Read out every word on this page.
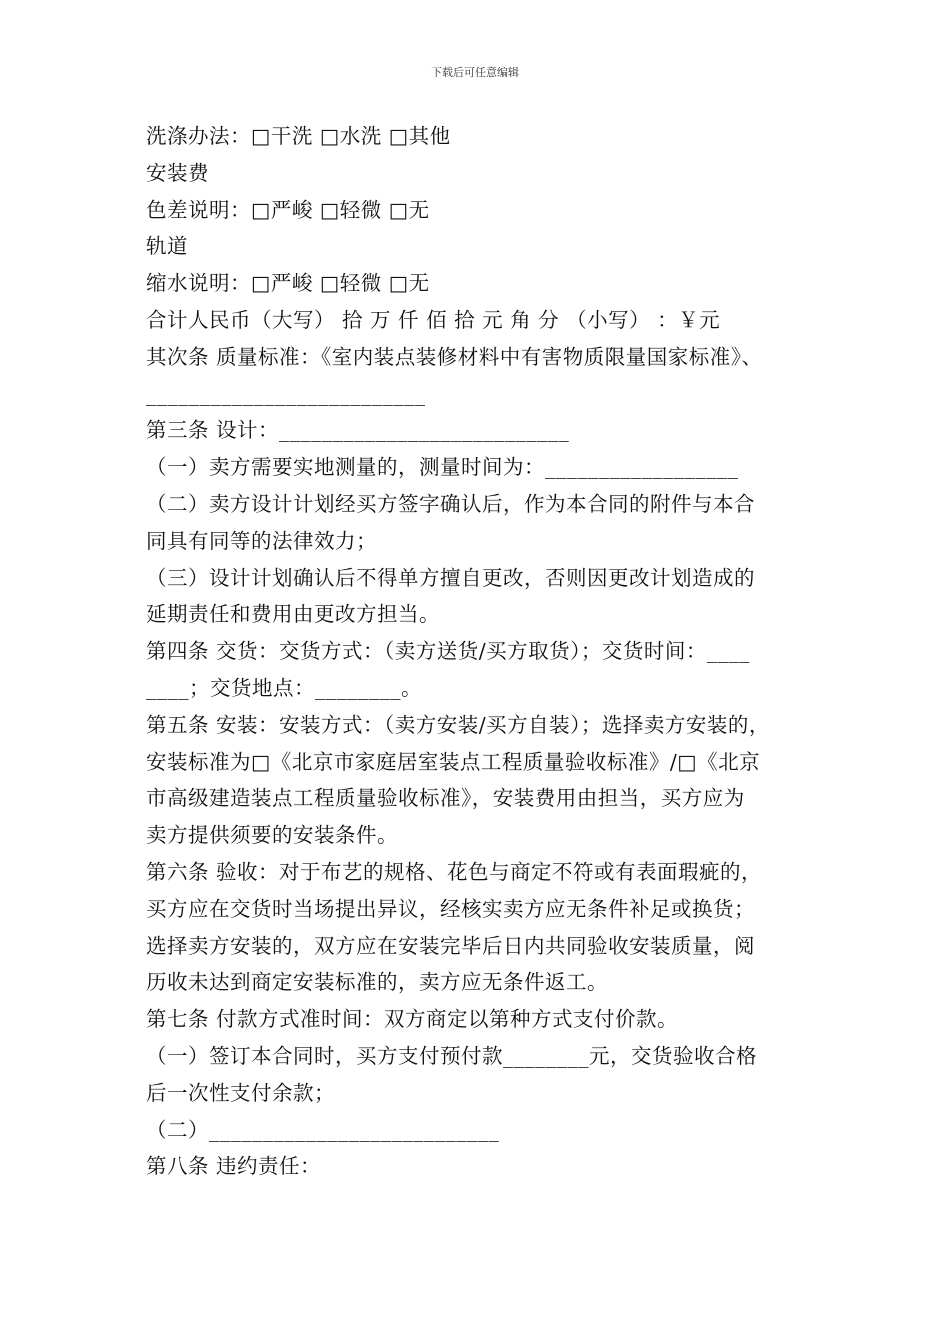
下载后可任意编辑
洗涤办法：□干洗 □水洗 □其他
安装费
色差说明：□严峻 □轻微 □无
轨道
缩水说明：□严峻 □轻微 □无
合计人民币（大写） 拾 万 仟 佰 拾 元 角 分 （小写） ：￥元
其次条 质量标准：《室内装点装修材料中有害物质限量国家标准》、
__________________________
第三条 设计：___________________________
（一）卖方需要实地测量的，测量时间为：__________________
（二）卖方设计计划经买方签字确认后，作为本合同的附件与本合
同具有同等的法律效力；
（三）设计计划确认后不得单方擅自更改，否则因更改计划造成的
延期责任和费用由更改方担当。
第四条 交货：交货方式：（卖方送货/买方取货）；交货时间：____
____；交货地点：________。
第五条 安装：安装方式：（卖方安装/买方自装）；选择卖方安装的，
安装标准为□《北京市家庭居室装点工程质量验收标准》/□《北京
市高级建造装点工程质量验收标准》，安装费用由担当，买方应为
卖方提供须要的安装条件。
第六条 验收：对于布艺的规格、花色与商定不符或有表面瑕疵的，
买方应在交货时当场提出异议，经核实卖方应无条件补足或换货；
选择卖方安装的，双方应在安装完毕后日内共同验收安装质量，阅
历收未达到商定安装标准的，卖方应无条件返工。
第七条 付款方式准时间：双方商定以第种方式支付价款。
（一）签订本合同时，买方支付预付款________元，交货验收合格
后一次性支付余款；
（二）___________________________
第八条 违约责任：
